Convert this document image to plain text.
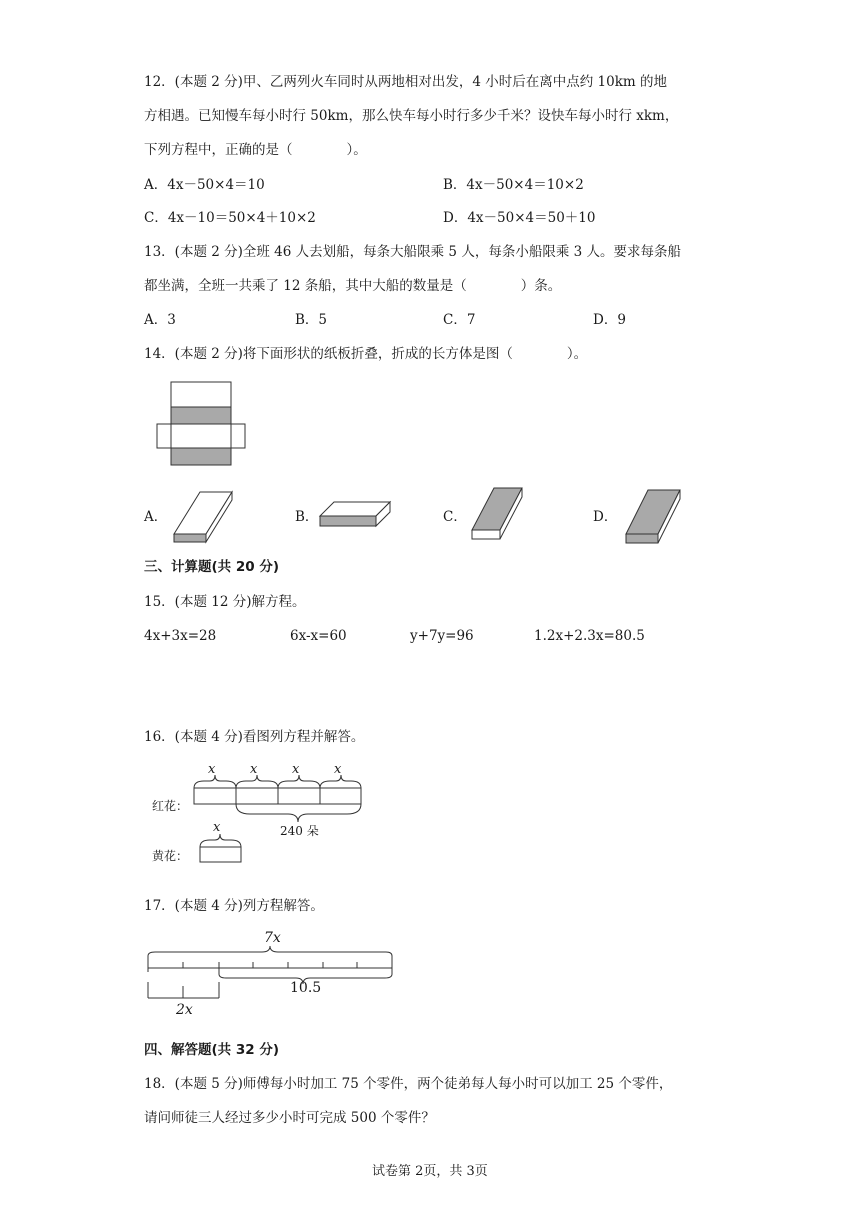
12．(本题 2 分)甲、乙两列火车同时从两地相对出发，4 小时后在离中点约 10km 的地
方相遇。已知慢车每小时行 50km，那么快车每小时行多少千米？设快车每小时行 xkm，
下列方程中，正确的是（　　　　）。
A．4x－50×4＝10	B．4x－50×4＝10×2
C．4x－10＝50×4＋10×2	D．4x－50×4＝50＋10
13．(本题 2 分)全班 46 人去划船，每条大船限乘 5 人，每条小船限乘 3 人。要求每条船
都坐满，全班一共乘了 12 条船，其中大船的数量是（　　　　）条。
A．3	B．5	C．7	D．9
14．(本题 2 分)将下面形状的纸板折叠，折成的长方体是图（　　　　）。
A．	B．	C．	D．
三、计算题(共 20 分)
15．(本题 12 分)解方程。
4x+3x=28	6x-x=60	y+7y=96	1.2x+2.3x=80.5
16．(本题 4 分)看图列方程并解答。
x	x	x	x
红花：
240 朵
x
黄花：
17．(本题 4 分)列方程解答。
7x
10.5
2x
四、解答题(共 32 分)
18．(本题 5 分)师傅每小时加工 75 个零件，两个徒弟每人每小时可以加工 25 个零件，
请问师徒三人经过多少小时可完成 500 个零件？
试卷第 2页，共 3页
